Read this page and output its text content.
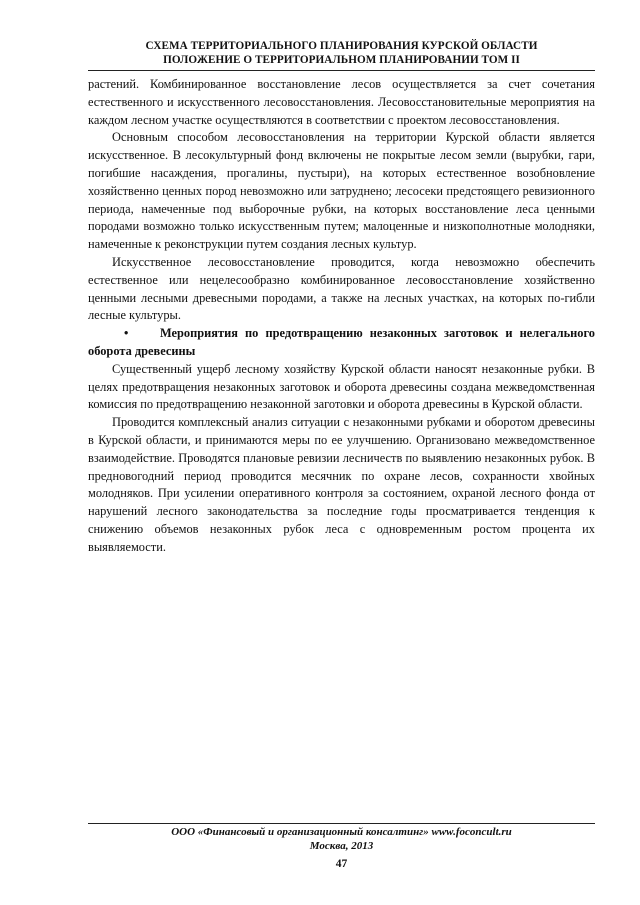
СХЕМА ТЕРРИТОРИАЛЬНОГО ПЛАНИРОВАНИЯ КУРСКОЙ ОБЛАСТИ
ПОЛОЖЕНИЕ О ТЕРРИТОРИАЛЬНОМ ПЛАНИРОВАНИИ ТОМ II

растений. Комбинированное восстановление лесов осуществляется за счет сочетания естественного и искусственного лесовосстановления. Лесовосстановительные мероприятия на каждом лесном участке осуществляются в соответствии с проектом лесовосстановления.

Основным способом лесовосстановления на территории Курской области является искусственное. В лесокультурный фонд включены не покрытые лесом земли (вырубки, гари, погибшие насаждения, прогалины, пустыри), на которых естественное возобновление хозяйственно ценных пород невозможно или затруднено; лесосеки предстоящего ревизионного периода, намеченные под выборочные рубки, на которых восстановление леса ценными породами возможно только искусственным путем; малоценные и низкополнотные молодняки, намеченные к реконструкции путем создания лесных культур.

Искусственное лесовосстановление проводится, когда невозможно обеспечить естественное или нецелесообразно комбинированное лесовосстановление хозяйственно ценными лесными древесными породами, а также на лесных участках, на которых по-гибли лесные культуры.

•	Мероприятия по предотвращению незаконных заготовок и нелегального оборота древесины

Существенный ущерб лесному хозяйству Курской области наносят незаконные рубки. В целях предотвращения незаконных заготовок и оборота древесины создана межведомственная комиссия по предотвращению незаконной заготовки и оборота древесины в Курской области.

Проводится комплексный анализ ситуации с незаконными рубками и оборотом древесины в Курской области, и принимаются меры по ее улучшению. Организовано межведомственное взаимодействие. Проводятся плановые ревизии лесничеств по выявлению незаконных рубок. В предновогодний период проводится месячник по охране лесов, сохранности хвойных молодняков. При усилении оперативного контроля за состоянием, охраной лесного фонда от нарушений лесного законодательства за последние годы просматривается тенденция к снижению объемов незаконных рубок леса с одновременным ростом процента их выявляемости.

ООО «Финансовый и организационный консалтинг» www.foconcult.ru
Москва, 2013
47
